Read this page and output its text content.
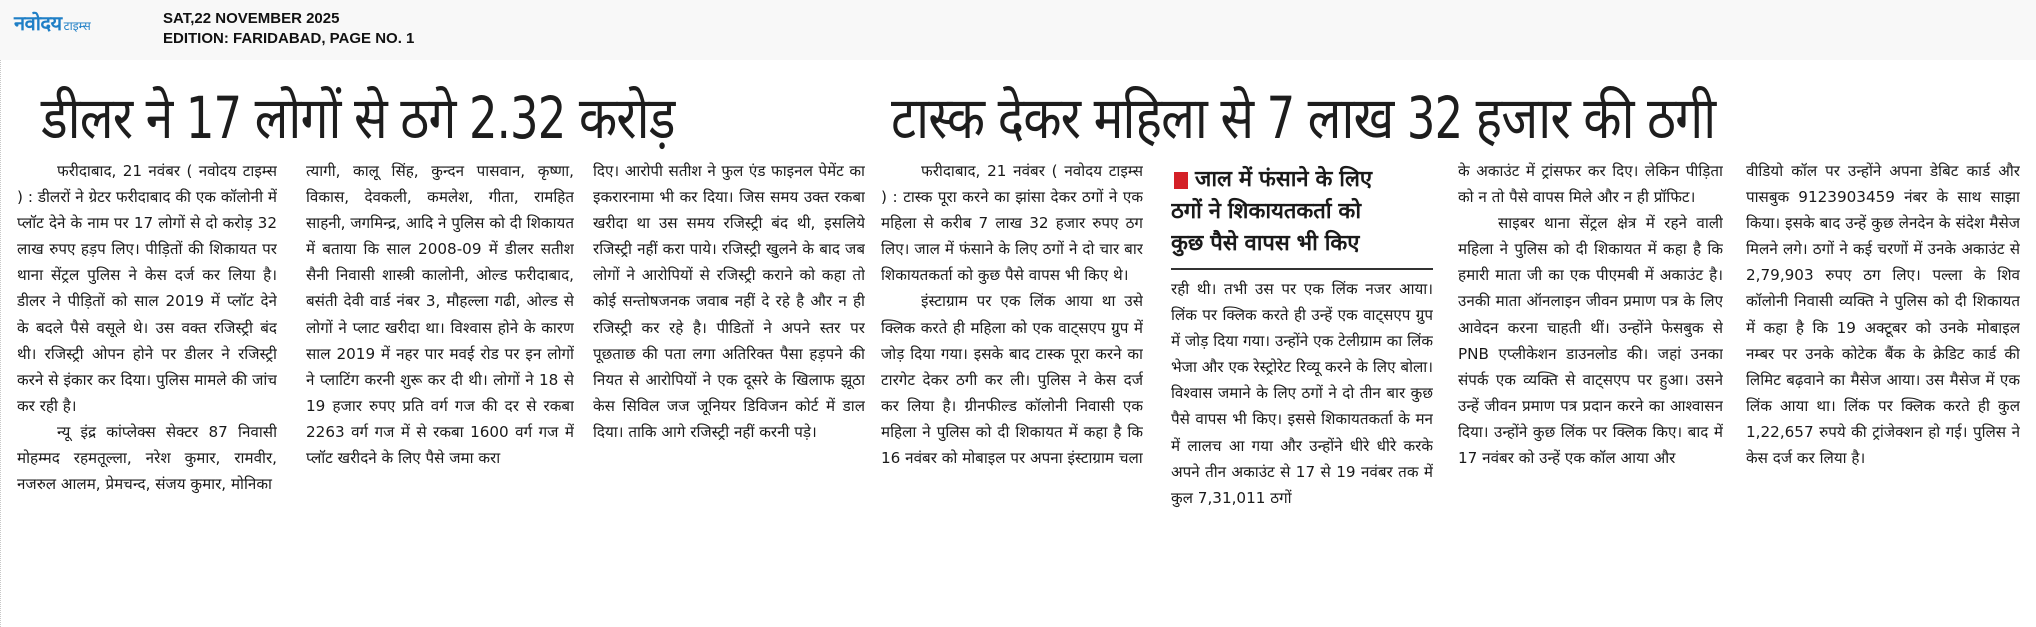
नवोदय टाइम्स	SAT,22 NOVEMBER 2025
EDITION: FARIDABAD, PAGE NO. 1
डीलर ने 17 लोगों से ठगे 2.32 करोड़

फरीदाबाद, 21 नवंबर ( नवोदय टाइम्स ) : डीलरों ने ग्रेटर फरीदाबाद की एक कॉलोनी में प्लॉट देने के नाम पर 17 लोगों से दो करोड़ 32 लाख रुपए हड़प लिए। पीड़ितों की शिकायत पर थाना सेंट्रल पुलिस ने केस दर्ज कर लिया है। डीलर ने पीड़ितों को साल 2019 में प्लॉट देने के बदले पैसे वसूले थे। उस वक्त रजिस्ट्री बंद थी। रजिस्ट्री ओपन होने पर डीलर ने रजिस्ट्री करने से इंकार कर दिया। पुलिस मामले की जांच कर रही है।

न्यू इंद्र कांप्लेक्स सेक्टर 87 निवासी मोहम्मद रहमतूल्ला, नरेश कुमार, रामवीर, नजरुल आलम, प्रेमचन्द, संजय कुमार, मोनिका

त्यागी, कालू सिंह, कुन्दन पासवान, कृष्णा, विकास, देवकली, कमलेश, गीता, रामहित साहनी, जगमिन्द्र, आदि ने पुलिस को दी शिकायत में बताया कि साल 2008-09 में डीलर सतीश सैनी निवासी शास्त्री कालोनी, ओल्ड फरीदाबाद, बसंती देवी वार्ड नंबर 3, मौहल्ला गढी, ओल्ड से लोगों ने प्लाट खरीदा था। विश्वास होने के कारण साल 2019 में नहर पार मवई रोड पर इन लोगों ने प्लाटिंग करनी शुरू कर दी थी। लोगों ने 18 से 19 हजार रुपए प्रति वर्ग गज की दर से रकबा 2263 वर्ग गज में से रकबा 1600 वर्ग गज में प्लॉट खरीदने के लिए पैसे जमा करा

दिए। आरोपी सतीश ने फुल एंड फाइनल पेमेंट का इकरारनामा भी कर दिया। जिस समय उक्त रकबा खरीदा था उस समय रजिस्ट्री बंद थी, इसलिये रजिस्ट्री नहीं करा पाये। रजिस्ट्री खुलने के बाद जब लोगों ने आरोपियों से रजिस्ट्री कराने को कहा तो कोई सन्तोषजनक जवाब नहीं दे रहे है और न ही रजिस्ट्री कर रहे है। पीडितों ने अपने स्तर पर पूछताछ की पता लगा अतिरिक्त पैसा हड़पने की नियत से आरोपियों ने एक दूसरे के खिलाफ झूठा केस सिविल जज जूनियर डिविजन कोर्ट में डाल दिया। ताकि आगे रजिस्ट्री नहीं करनी पड़े।

टास्क देकर महिला से 7 लाख 32 हजार की ठगी

फरीदाबाद, 21 नवंबर ( नवोदय टाइम्स ) : टास्क पूरा करने का झांसा देकर ठगों ने एक महिला से करीब 7 लाख 32 हजार रुपए ठग लिए। जाल में फंसाने के लिए ठगों ने दो चार बार शिकायतकर्ता को कुछ पैसे वापस भी किए थे।

इंस्टाग्राम पर एक लिंक आया था उसे क्लिक करते ही महिला को एक वाट्सएप ग्रुप में जोड़ दिया गया। इसके बाद टास्क पूरा करने का टारगेट देकर ठगी कर ली। पुलिस ने केस दर्ज कर लिया है। ग्रीनफील्ड कॉलोनी निवासी एक महिला ने पुलिस को दी शिकायत में कहा है कि 16 नवंबर को मोबाइल पर अपना इंस्टाग्राम चला

जाल में फंसाने के लिए
ठगों ने शिकायतकर्ता को
कुछ पैसे वापस भी किए

रही थी। तभी उस पर एक लिंक नजर आया। लिंक पर क्लिक करते ही उन्हें एक वाट्सएप ग्रुप में जोड़ दिया गया। उन्होंने एक टेलीग्राम का लिंक भेजा और एक रेस्ट्रोरेट रिव्यू करने के लिए बोला। विश्वास जमाने के लिए ठगों ने दो तीन बार कुछ पैसे वापस भी किए। इससे शिकायतकर्ता के मन में लालच आ गया और उन्होंने धीरे धीरे करके अपने तीन अकाउंट से 17 से 19 नवंबर तक में कुल 7,31,011 ठगों

के अकाउंट में ट्रांसफर कर दिए। लेकिन पीड़िता को न तो पैसे वापस मिले और न ही प्रॉफिट।

साइबर थाना सेंट्रल क्षेत्र में रहने वाली महिला ने पुलिस को दी शिकायत में कहा है कि हमारी माता जी का एक पीएमबी में अकाउंट है। उनकी माता ऑनलाइन जीवन प्रमाण पत्र के लिए आवेदन करना चाहती थीं। उन्होंने फेसबुक से PNB एप्लीकेशन डाउनलोड की। जहां उनका संपर्क एक व्यक्ति से वाट्सएप पर हुआ। उसने उन्हें जीवन प्रमाण पत्र प्रदान करने का आश्वासन दिया। उन्होंने कुछ लिंक पर क्लिक किए। बाद में 17 नवंबर को उन्हें एक कॉल आया और

वीडियो कॉल पर उन्होंने अपना डेबिट कार्ड और पासबुक 9123903459 नंबर के साथ साझा किया। इसके बाद उन्हें कुछ लेनदेन के संदेश मैसेज मिलने लगे। ठगों ने कई चरणों में उनके अकाउंट से 2,79,903 रुपए ठग लिए। पल्ला के शिव कॉलोनी निवासी व्यक्ति ने पुलिस को दी शिकायत में कहा है कि 19 अक्टूबर को उनके मोबाइल नम्बर पर उनके कोटेक बैंक के क्रेडिट कार्ड की लिमिट बढ़वाने का मैसेज आया। उस मैसेज में एक लिंक आया था। लिंक पर क्लिक करते ही कुल 1,22,657 रुपये की ट्रांजेक्शन हो गई। पुलिस ने केस दर्ज कर लिया है।
